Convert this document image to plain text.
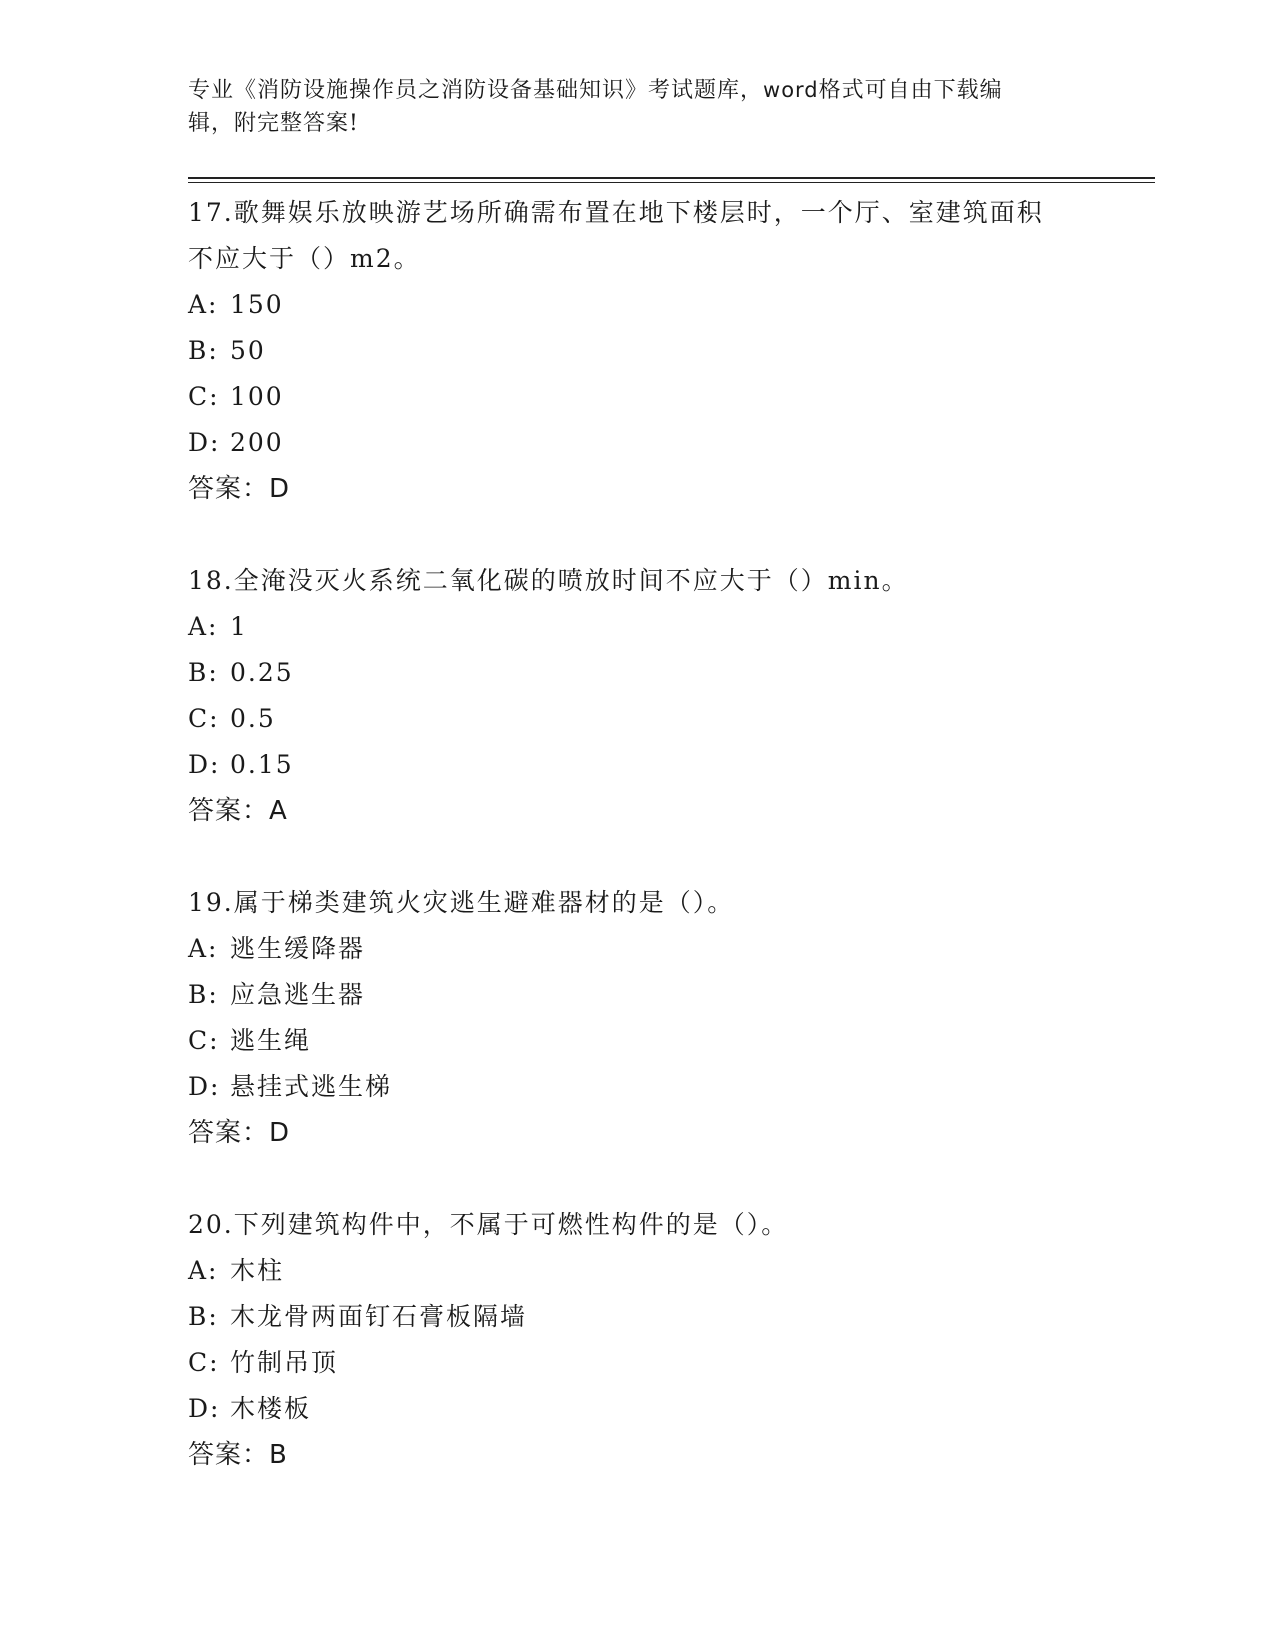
专业《消防设施操作员之消防设备基础知识》考试题库，word格式可自由下载编
辑，附完整答案!
17.歌舞娱乐放映游艺场所确需布置在地下楼层时，一个厅、室建筑面积不应大于（）m2。
A: 150
B: 50
C: 100
D: 200
答案：D
18.全淹没灭火系统二氧化碳的喷放时间不应大于（）min。
A: 1
B: 0.25
C: 0.5
D: 0.15
答案：A
19.属于梯类建筑火灾逃生避难器材的是（）。
A: 逃生缓降器
B: 应急逃生器
C: 逃生绳
D: 悬挂式逃生梯
答案：D
20.下列建筑构件中，不属于可燃性构件的是（）。
A: 木柱
B: 木龙骨两面钉石膏板隔墙
C: 竹制吊顶
D: 木楼板
答案：B
